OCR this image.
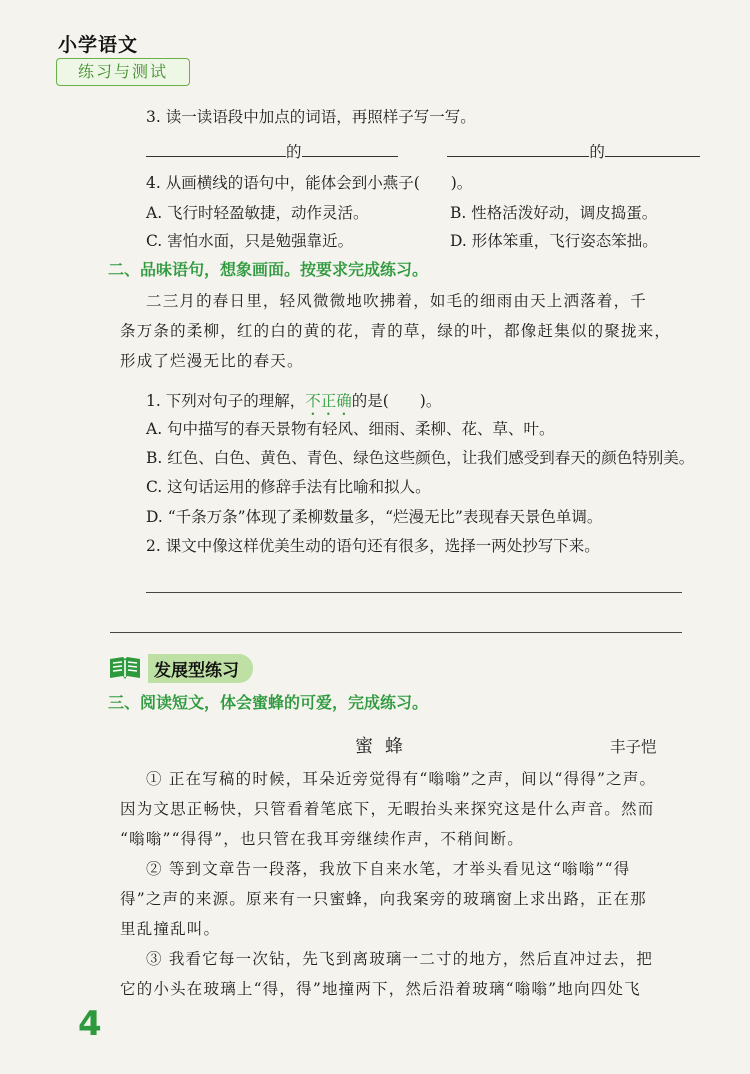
小学语文
练习与测试
3. 读一读语段中加点的词语，再照样子写一写。
的	的
4. 从画横线的语句中，能体会到小燕子(　　)。
A. 飞行时轻盈敏捷，动作灵活。	B. 性格活泼好动，调皮捣蛋。
C. 害怕水面，只是勉强靠近。	D. 形体笨重，飞行姿态笨拙。
二、品味语句，想象画面。按要求完成练习。
二三月的春日里，轻风微微地吹拂着，如毛的细雨由天上洒落着，千
条万条的柔柳，红的白的黄的花，青的草，绿的叶，都像赶集似的聚拢来，
形成了烂漫无比的春天。
1. 下列对句子的理解，不正确的是(　　)。
A. 句中描写的春天景物有轻风、细雨、柔柳、花、草、叶。
B. 红色、白色、黄色、青色、绿色这些颜色，让我们感受到春天的颜色特别美。
C. 这句话运用的修辞手法有比喻和拟人。
D. “千条万条”体现了柔柳数量多，“烂漫无比”表现春天景色单调。
2. 课文中像这样优美生动的语句还有很多，选择一两处抄写下来。
发展型练习
三、阅读短文，体会蜜蜂的可爱，完成练习。
蜜蜂	丰子恺
① 正在写稿的时候，耳朵近旁觉得有“嗡嗡”之声，间以“得得”之声。
因为文思正畅快，只管看着笔底下，无暇抬头来探究这是什么声音。然而
“嗡嗡”“得得”，也只管在我耳旁继续作声，不稍间断。
② 等到文章告一段落，我放下自来水笔，才举头看见这“嗡嗡”“得
得”之声的来源。原来有一只蜜蜂，向我案旁的玻璃窗上求出路，正在那
里乱撞乱叫。
③ 我看它每一次钻，先飞到离玻璃一二寸的地方，然后直冲过去，把
它的小头在玻璃上“得，得”地撞两下，然后沿着玻璃“嗡嗡”地向四处飞
4
